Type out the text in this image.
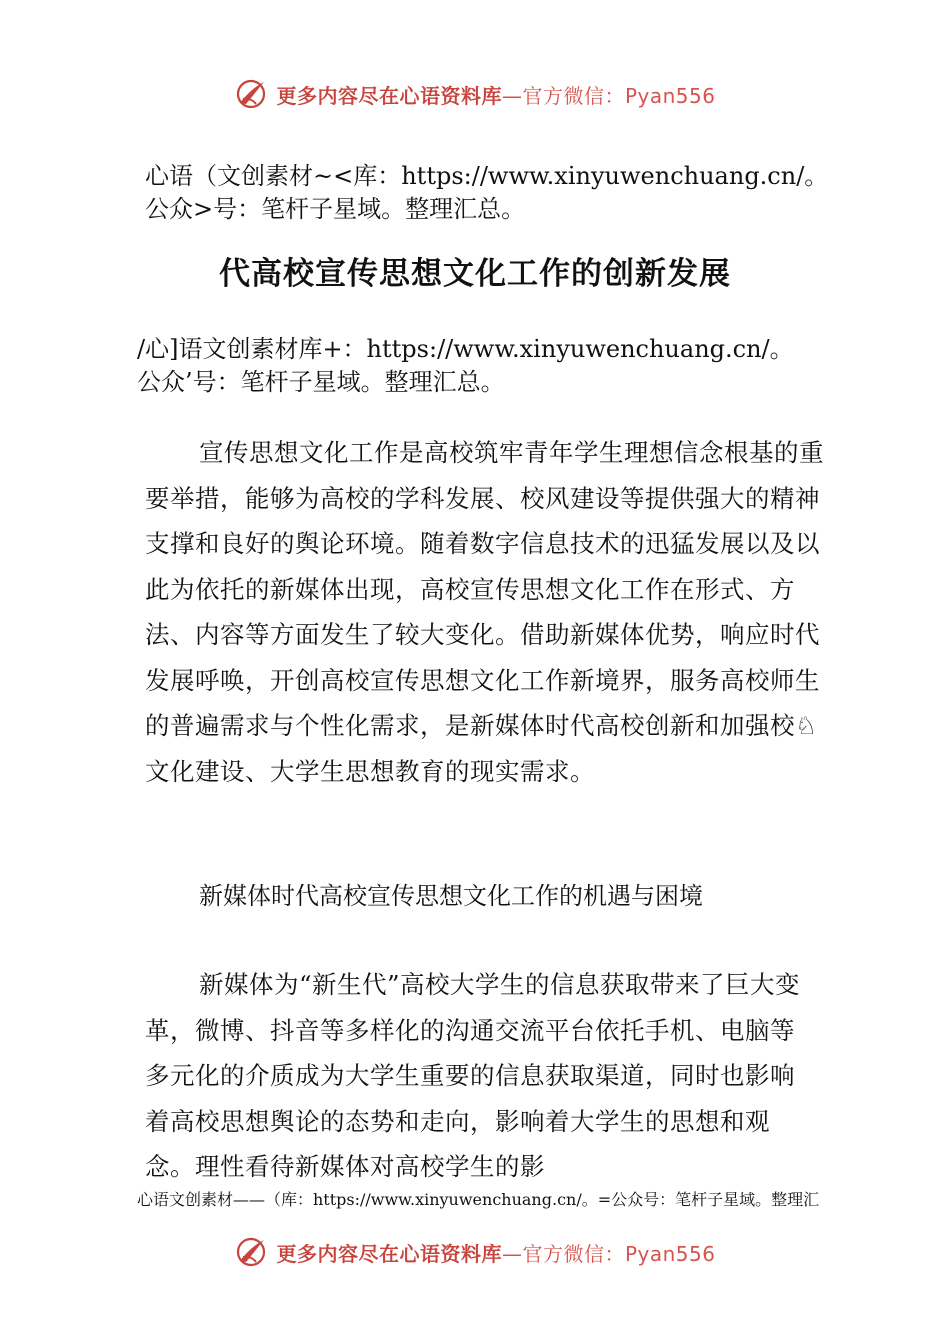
更多内容尽在心语资料库—官方微信：Pyan556
心语（文创素材~<库：https://www.xinyuwenchuang.cn/。
公众>号：笔杆子星域。整理汇总。
代高校宣传思想文化工作的创新发展
/心]语文创素材库+：https://www.xinyuwenchuang.cn/。
公众’号：笔杆子星域。整理汇总。

宣传思想文化工作是高校筑牢青年学生理想信念根基的重要举措，能够为高校的学科发展、校风建设等提供强大的精神支撑和良好的舆论环境。随着数字信息技术的迅猛发展以及以此为依托的新媒体出现，高校宣传思想文化工作在形式、方法、内容等方面发生了较大变化。借助新媒体优势，响应时代发展呼唤，开创高校宣传思想文化工作新境界，服务高校师生的普遍需求与个性化需求，是新媒体时代高校创新和加强校♘文化建设、大学生思想教育的现实需求。

新媒体时代高校宣传思想文化工作的机遇与困境

新媒体为“新生代”高校大学生的信息获取带来了巨大变革，微博、抖音等多样化的沟通交流平台依托手机、电脑等多元化的介质成为大学生重要的信息获取渠道，同时也影响着高校思想舆论的态势和走向，影响着大学生的思想和观念。理性看待新媒体对高校学生的影

心语文创素材——（库：https://www.xinyuwenchuang.cn/。=公众号：笔杆子星域。整理汇
更多内容尽在心语资料库—官方微信：Pyan556
